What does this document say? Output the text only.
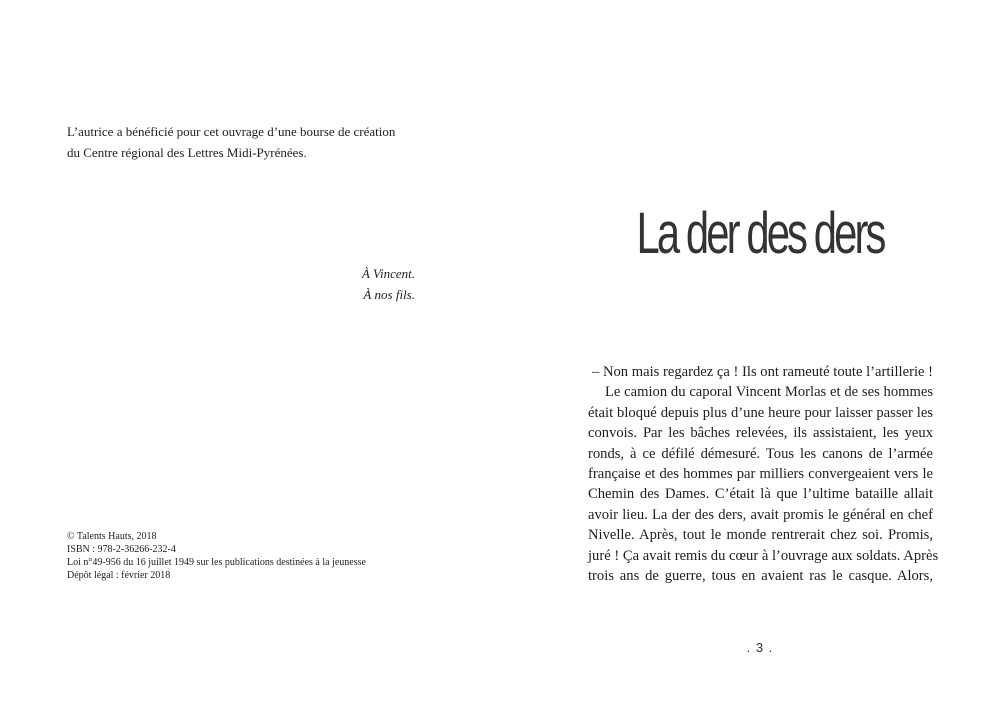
L’autrice a bénéficié pour cet ouvrage d’une bourse de création

du Centre régional des Lettres Midi-Pyrénées.

À Vincent.

À nos fils.

© Talents Hauts, 2018

ISBN : 978-2-36266-232-4

Loi n°49-956 du 16 juillet 1949 sur les publications destinées à la jeunesse

Dépôt légal : février 2018

La der des ders
– Non mais regardez ça ! Ils ont rameuté toute l’artillerie !
Le camion du caporal Vincent Morlas et de ses hommes
était bloqué depuis plus d’une heure pour laisser passer les
convois. Par les bâches relevées, ils assistaient, les yeux
ronds, à ce défilé démesuré. Tous les canons de l’armée
française et des hommes par milliers convergeaient vers le
Chemin des Dames. C’était là que l’ultime bataille allait
avoir lieu. La der des ders, avait promis le général en chef
Nivelle. Après, tout le monde rentrerait chez soi. Promis,
juré ! Ça avait remis du cœur à l’ouvrage aux soldats. Après
trois ans de guerre, tous en avaient ras le casque. Alors,
. 3 .
